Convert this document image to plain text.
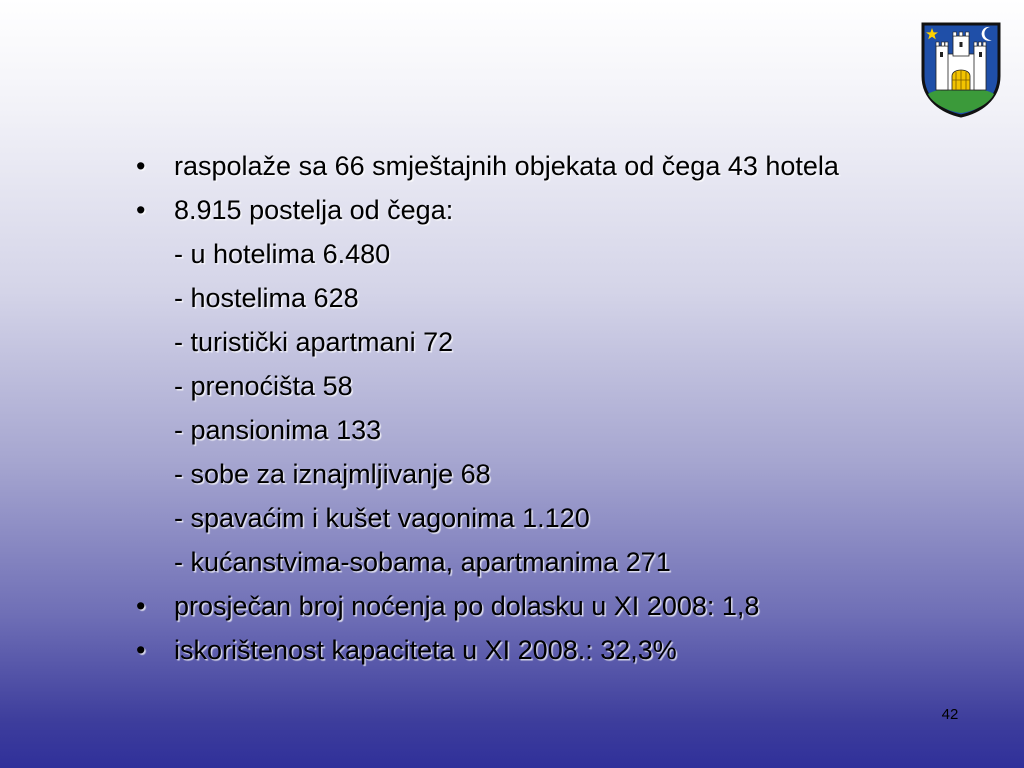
• raspolaže sa 66 smještajnih objekata od čega 43 hotela
• 8.915 postelja od čega:
- u hotelima 6.480
- hostelima 628
- turistički apartmani 72
- prenoćišta 58
- pansionima 133
- sobe za iznajmljivanje 68
- spavaćim i kušet vagonima 1.120
- kućanstvima-sobama, apartmanima 271
• prosječan broj noćenja po dolasku u XI 2008: 1,8
• iskorištenost kapaciteta u XI 2008.: 32,3%
42
